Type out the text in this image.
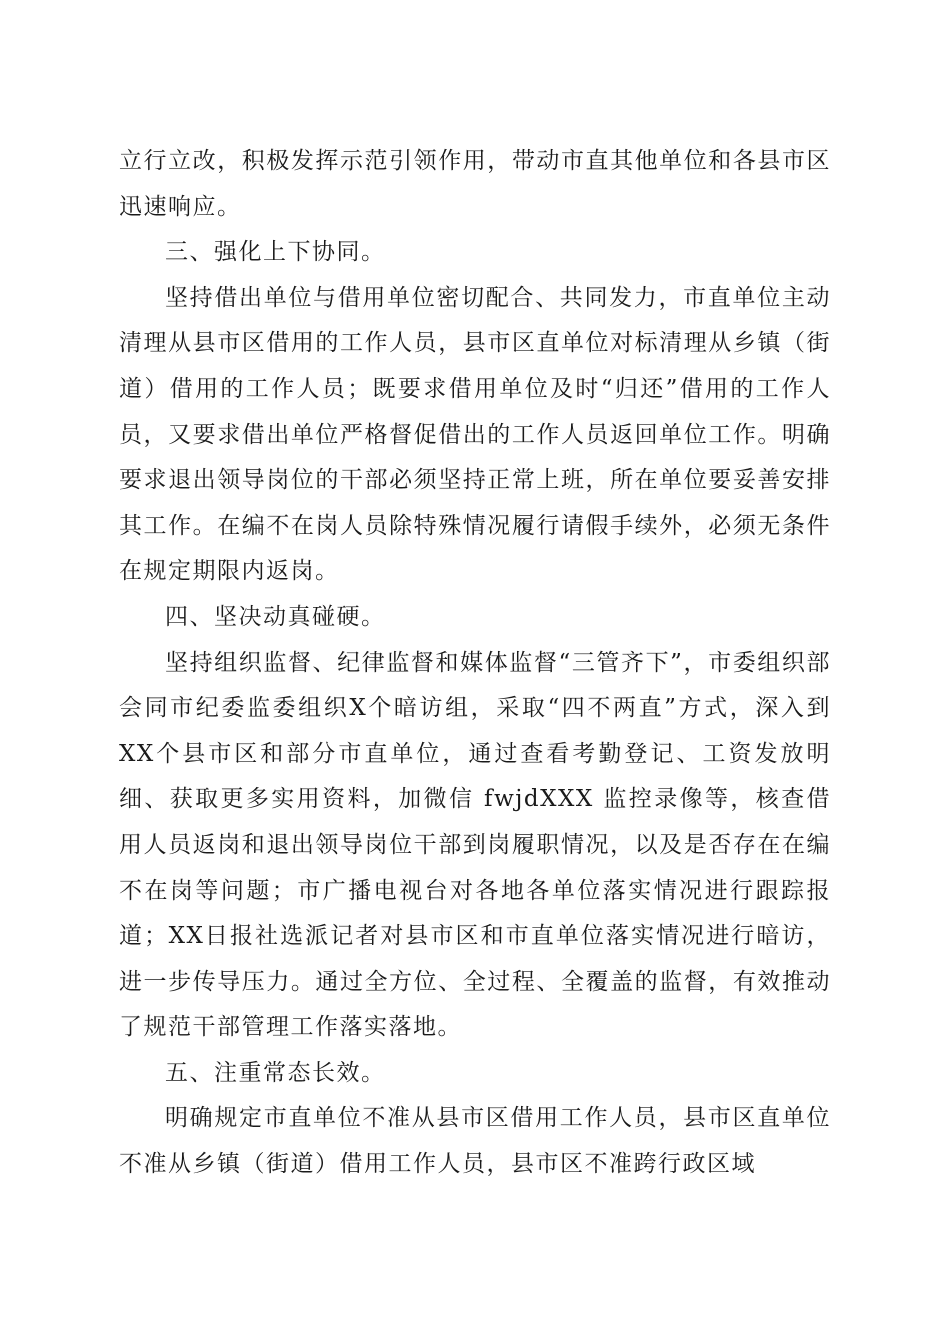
立行立改，积极发挥示范引领作用，带动市直其他单位和各县市区迅速响应。

三、强化上下协同。

坚持借出单位与借用单位密切配合、共同发力，市直单位主动清理从县市区借用的工作人员，县市区直单位对标清理从乡镇（街道）借用的工作人员；既要求借用单位及时“归还”借用的工作人员，又要求借出单位严格督促借出的工作人员返回单位工作。明确要求退出领导岗位的干部必须坚持正常上班，所在单位要妥善安排其工作。在编不在岗人员除特殊情况履行请假手续外，必须无条件在规定期限内返岗。

四、坚决动真碰硬。

坚持组织监督、纪律监督和媒体监督“三管齐下”，市委组织部会同市纪委监委组织X个暗访组，采取“四不两直”方式，深入到XX个县市区和部分市直单位，通过查看考勤登记、工资发放明细、获取更多实用资料，加微信 fwjdXXX 监控录像等，核查借用人员返岗和退出领导岗位干部到岗履职情况，以及是否存在在编不在岗等问题；市广播电视台对各地各单位落实情况进行跟踪报道；XX日报社选派记者对县市区和市直单位落实情况进行暗访，进一步传导压力。通过全方位、全过程、全覆盖的监督，有效推动了规范干部管理工作落实落地。

五、注重常态长效。

明确规定市直单位不准从县市区借用工作人员，县市区直单位不准从乡镇（街道）借用工作人员，县市区不准跨行政区域
